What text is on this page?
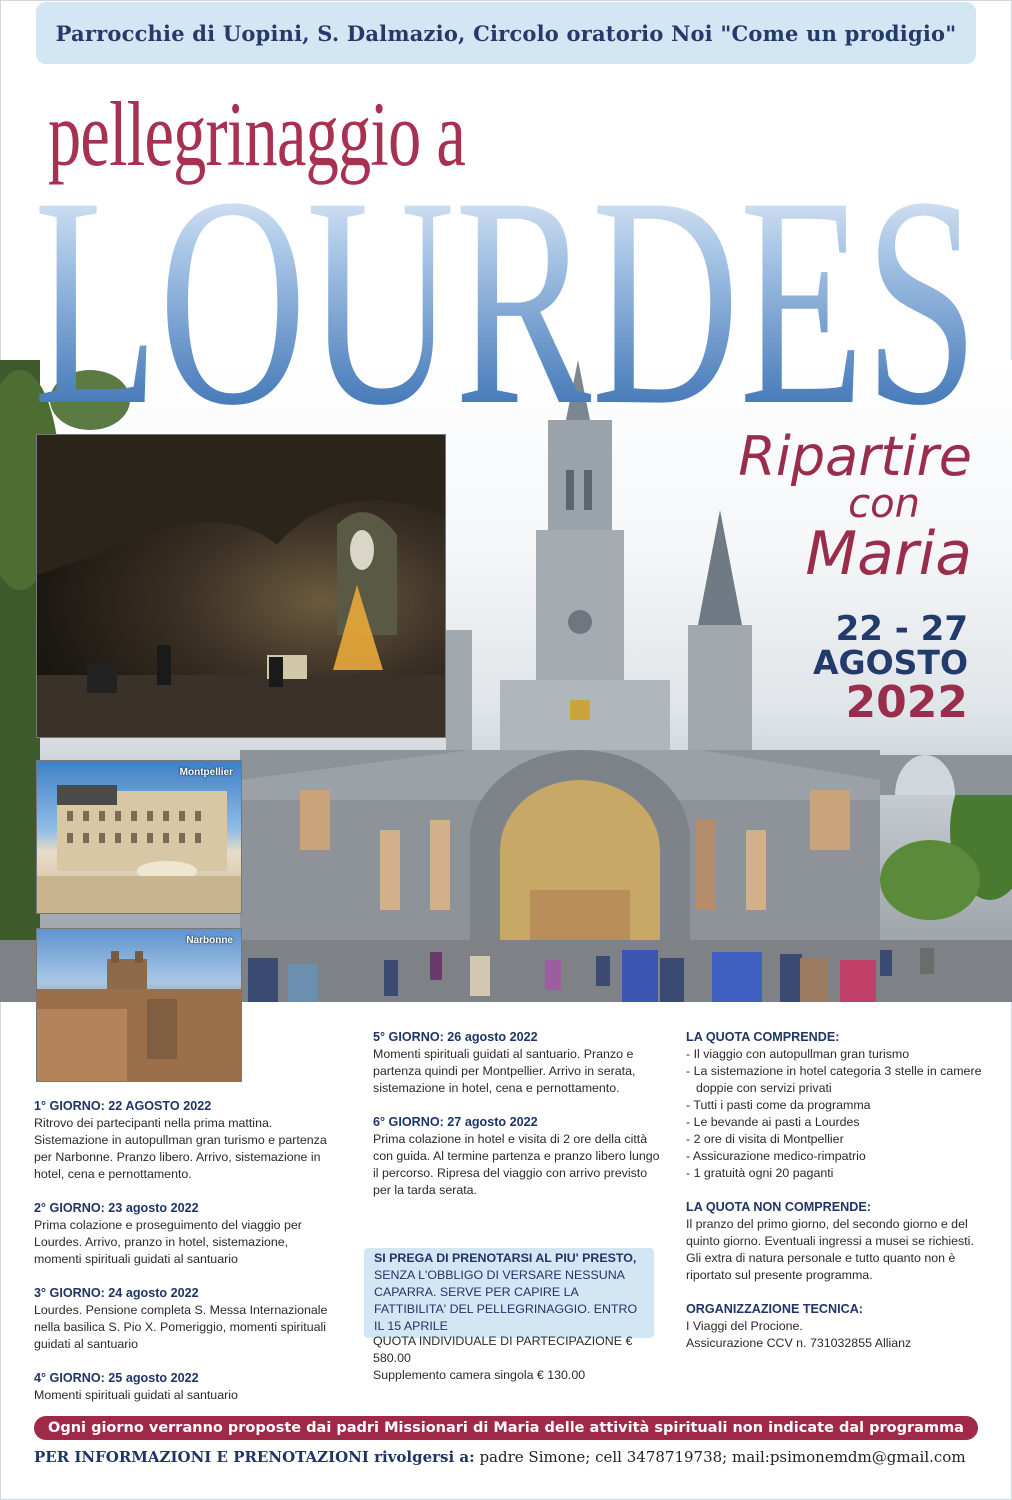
LOURDES
Parrocchie di Uopini, S. Dalmazio, Circolo oratorio Noi "Come un prodigio"
pellegrinaggio a
Ripartire
con
Maria
22 - 27
AGOSTO
2022
Montpellier
Narbonne
1° GIORNO: 22 AGOSTO 2022
Ritrovo dei partecipanti nella prima mattina. Sistemazione in autopullman gran turismo e partenza per Narbonne. Pranzo libero. Arrivo, sistemazione in hotel, cena e pernottamento.
2° GIORNO: 23 agosto 2022
Prima colazione e proseguimento del viaggio per Lourdes. Arrivo, pranzo in hotel, sistemazione, momenti spirituali guidati al santuario
3° GIORNO: 24 agosto 2022
Lourdes. Pensione completa S. Messa Internazionale nella basilica S. Pio X. Pomeriggio, momenti spirituali guidati al santuario
4° GIORNO: 25 agosto 2022
Momenti spirituali guidati al santuario
5° GIORNO: 26 agosto 2022
Momenti spirituali guidati al santuario. Pranzo e partenza quindi per Montpellier. Arrivo in serata, sistemazione in hotel, cena e pernottamento.
6° GIORNO: 27 agosto 2022
Prima colazione in hotel e visita di 2 ore della città con guida. Al termine partenza e pranzo libero lungo il percorso. Ripresa del viaggio con arrivo previsto per la tarda serata.
SI PREGA DI PRENOTARSI AL PIU' PRESTO,
SENZA L'OBBLIGO DI VERSARE NESSUNA CAPARRA. SERVE PER CAPIRE LA FATTIBILITA' DEL PELLEGRINAGGIO. ENTRO IL 15 APRILE
QUOTA INDIVIDUALE DI PARTECIPAZIONE € 580.00
Supplemento camera singola € 130.00
LA QUOTA COMPRENDE:
- Il viaggio con autopullman gran turismo
- La sistemazione in hotel categoria 3 stelle in camere doppie con servizi privati
- Tutti i pasti come da programma
- Le bevande ai pasti a Lourdes
- 2 ore di visita di Montpellier
- Assicurazione medico-rimpatrio
- 1 gratuità ogni 20 paganti
LA QUOTA NON COMPRENDE:
Il pranzo del primo giorno, del secondo giorno e del quinto giorno. Eventuali ingressi a musei se richiesti. Gli extra di natura personale e tutto quanto non è riportato sul presente programma.
ORGANIZZAZIONE TECNICA:
I Viaggi del Procione.
Assicurazione CCV n. 731032855 Allianz
Ogni giorno verranno proposte dai padri Missionari di Maria delle attività spirituali non indicate dal programma
PER INFORMAZIONI E PRENOTAZIONI rivolgersi a: padre Simone; cell 3478719738; mail:psimonemdm@gmail.com
